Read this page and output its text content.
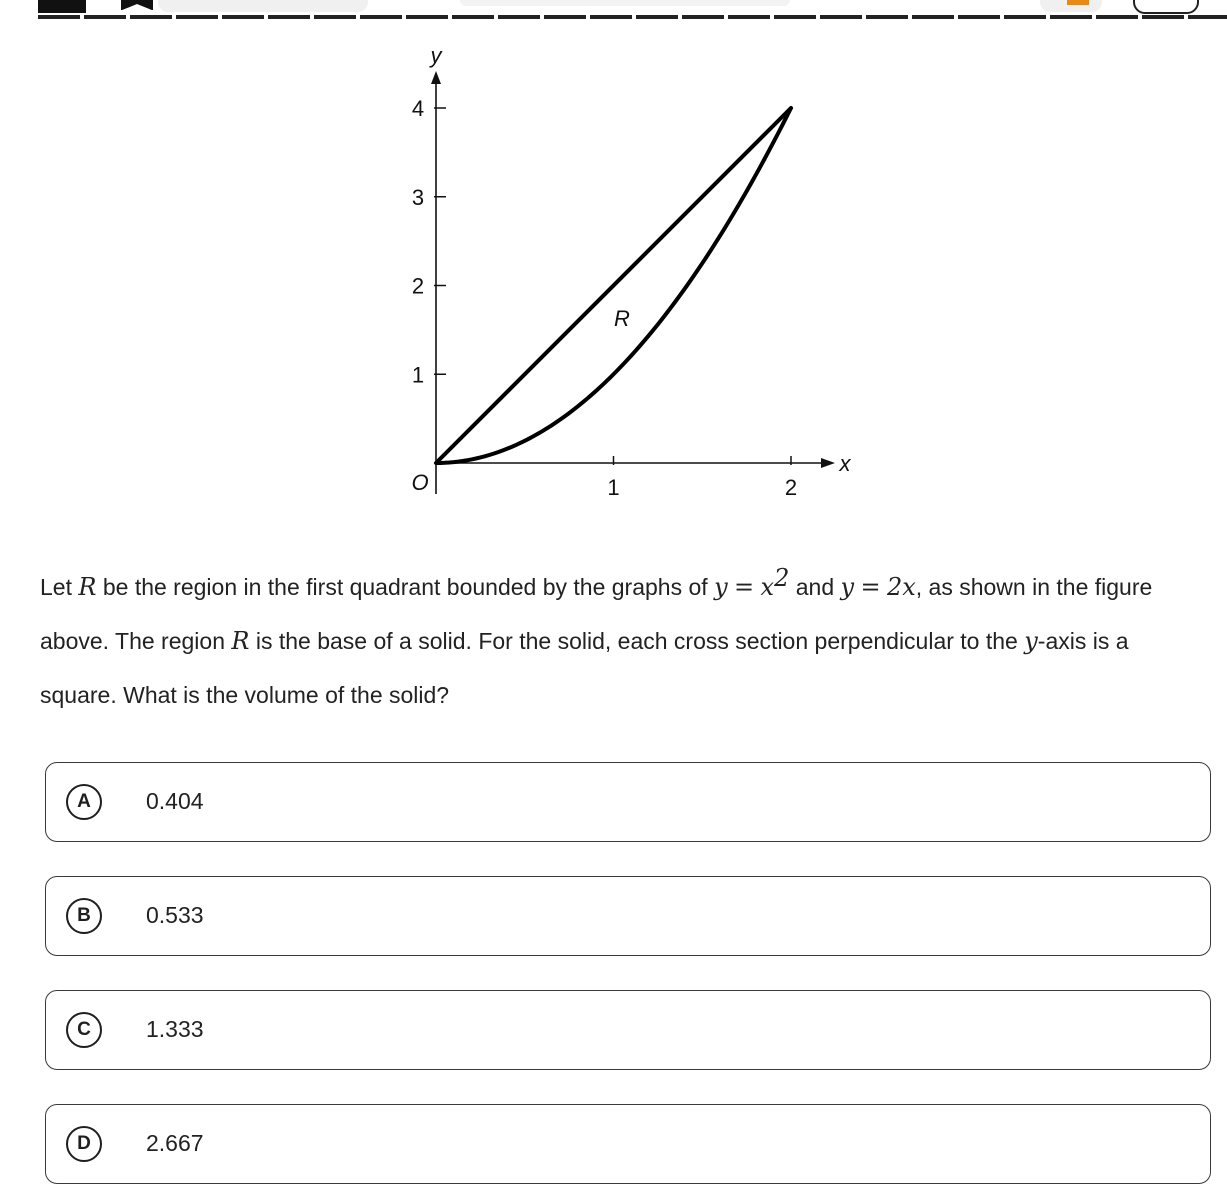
1
2
3
4
1	2
y
x
O
R
Let R be the region in the first quadrant bounded by the graphs of $y = x^2$ and y = 2x, as shown in the figure above. The region R is the base of a solid. For the solid, each cross section perpendicular to the y-axis is a square. What is the volume of the solid?
A	0.404
B	0.533
C	1.333
D	2.667
